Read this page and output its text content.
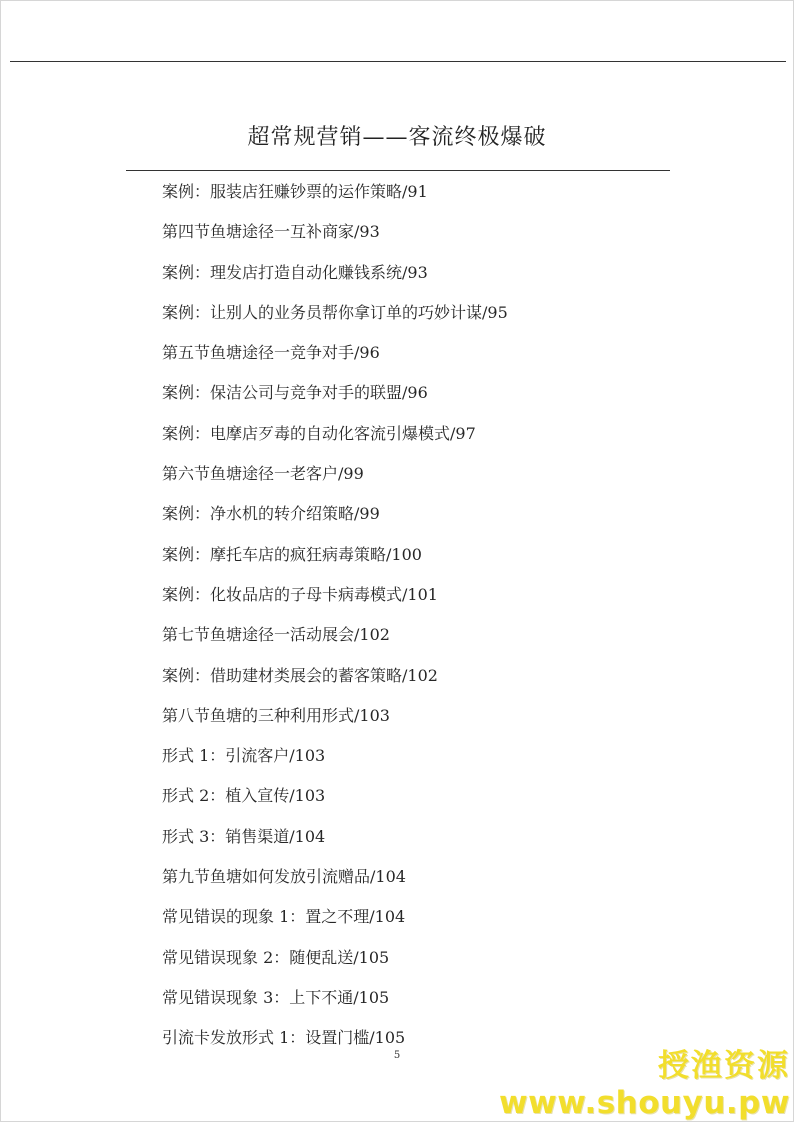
超常规营销——客流终极爆破
案例：服装店狂赚钞票的运作策略/91
第四节鱼塘途径一互补商家/93
案例：理发店打造自动化赚钱系统/93
案例：让别人的业务员帮你拿订单的巧妙计谋/95
第五节鱼塘途径一竞争对手/96
案例：保洁公司与竞争对手的联盟/96
案例：电摩店歹毒的自动化客流引爆模式/97
第六节鱼塘途径一老客户/99
案例：净水机的转介绍策略/99
案例：摩托车店的疯狂病毒策略/100
案例：化妆品店的子母卡病毒模式/101
第七节鱼塘途径一活动展会/102
案例：借助建材类展会的蓄客策略/102
第八节鱼塘的三种利用形式/103
形式 1：引流客户/103
形式 2：植入宣传/103
形式 3：销售渠道/104
第九节鱼塘如何发放引流赠品/104
常见错误的现象 1：置之不理/104
常见错误现象 2：随便乱送/105
常见错误现象 3：上下不通/105
引流卡发放形式 1：设置门槛/105
5	授渔资源
www.shouyu.pw
